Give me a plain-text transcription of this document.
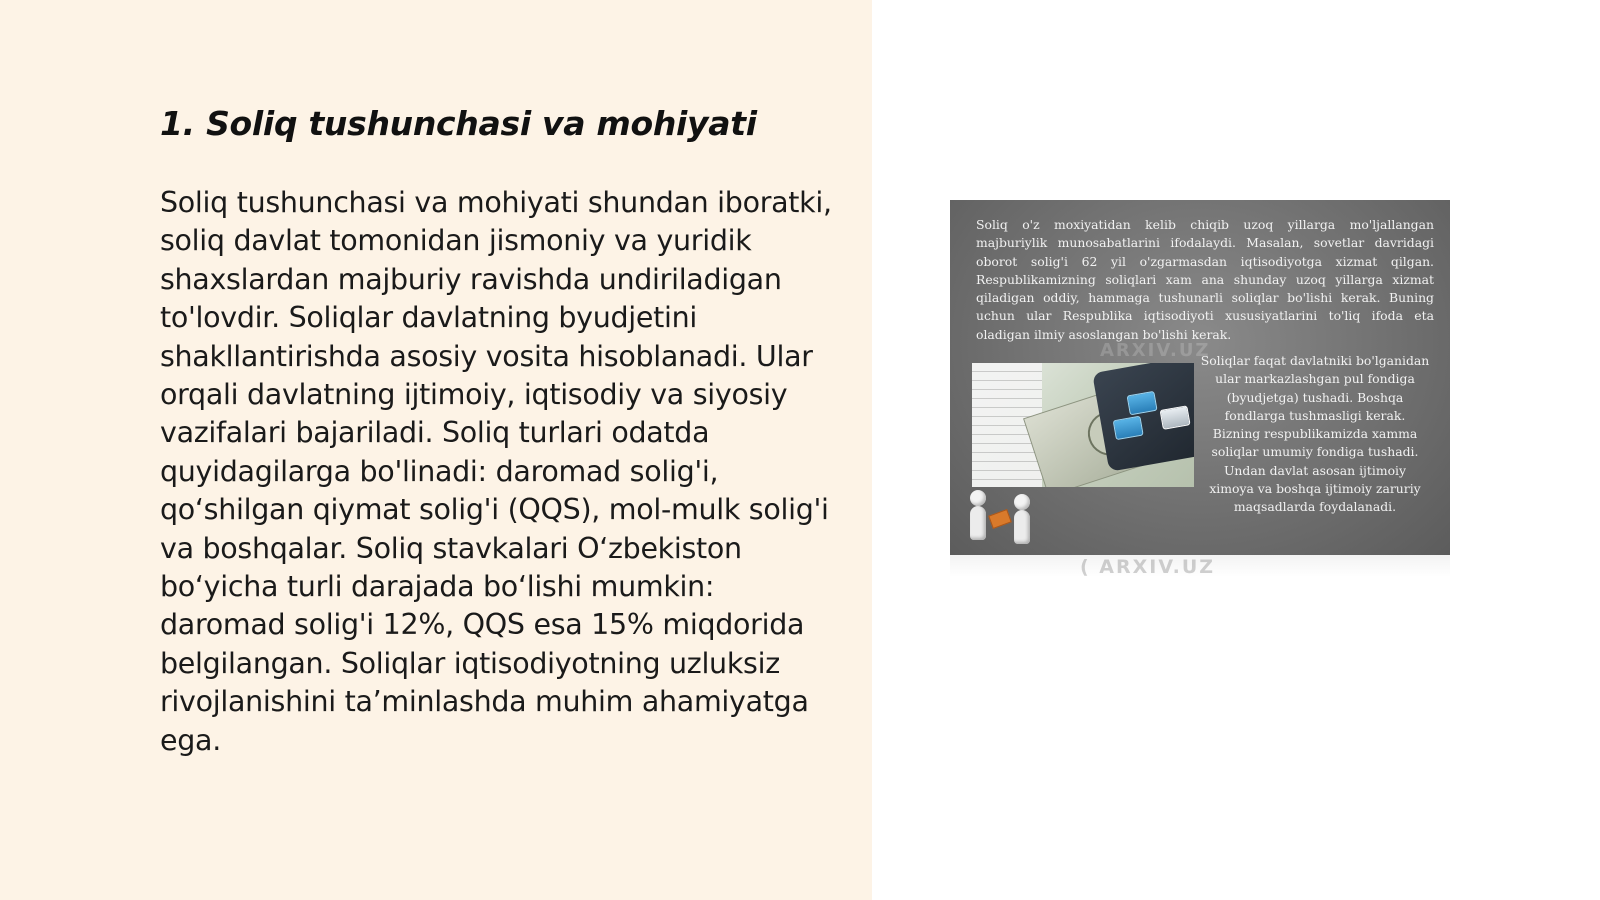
1. Soliq tushunchasi va mohiyati

Soliq tushunchasi va mohiyati shundan iboratki, soliq davlat tomonidan jismoniy va yuridik shaxslardan majburiy ravishda undiriladigan to'lovdir. Soliqlar davlatning byudjetini shakllantirishda asosiy vosita hisoblanadi. Ular orqali davlatning ijtimoiy, iqtisodiy va siyosiy vazifalari bajariladi. Soliq turlari odatda quyidagilarga bo'linadi: daromad solig'i, qo‘shilgan qiymat solig'i (QQS), mol-mulk solig'i va boshqalar. Soliq stavkalari O‘zbekiston bo‘yicha turli darajada bo‘lishi mumkin: daromad solig'i 12%, QQS esa 15% miqdorida belgilangan. Soliqlar iqtisodiyotning uzluksiz rivojlanishini ta’minlashda muhim ahamiyatga ega.

Soliq o'z moxiyatidan kelib chiqib uzoq yillarga mo'ljallangan majburiylik munosabatlarini ifodalaydi. Masalan, sovetlar davridagi oborot solig'i 62 yil o'zgarmasdan iqtisodiyotga xizmat qilgan. Respublikamizning soliqlari xam ana shunday uzoq yillarga xizmat qiladigan oddiy, hammaga tushunarli soliqlar bo'lishi kerak. Buning uchun ular Respublika iqtisodiyoti xususiyatlarini to'liq ifoda eta oladigan ilmiy asoslangan bo'lishi kerak.

Soliqlar faqat davlatniki bo'lganidan ular markazlashgan pul fondiga (byudjetga) tushadi. Boshqa fondlarga tushmasligi kerak. Bizning respublikamizda xamma soliqlar umumiy fondiga tushadi. Undan davlat asosan ijtimoiy ximoya va boshqa ijtimoiy zaruriy maqsadlarda foydalanadi.

ARXIV.UZ
( ARXIV.UZ
